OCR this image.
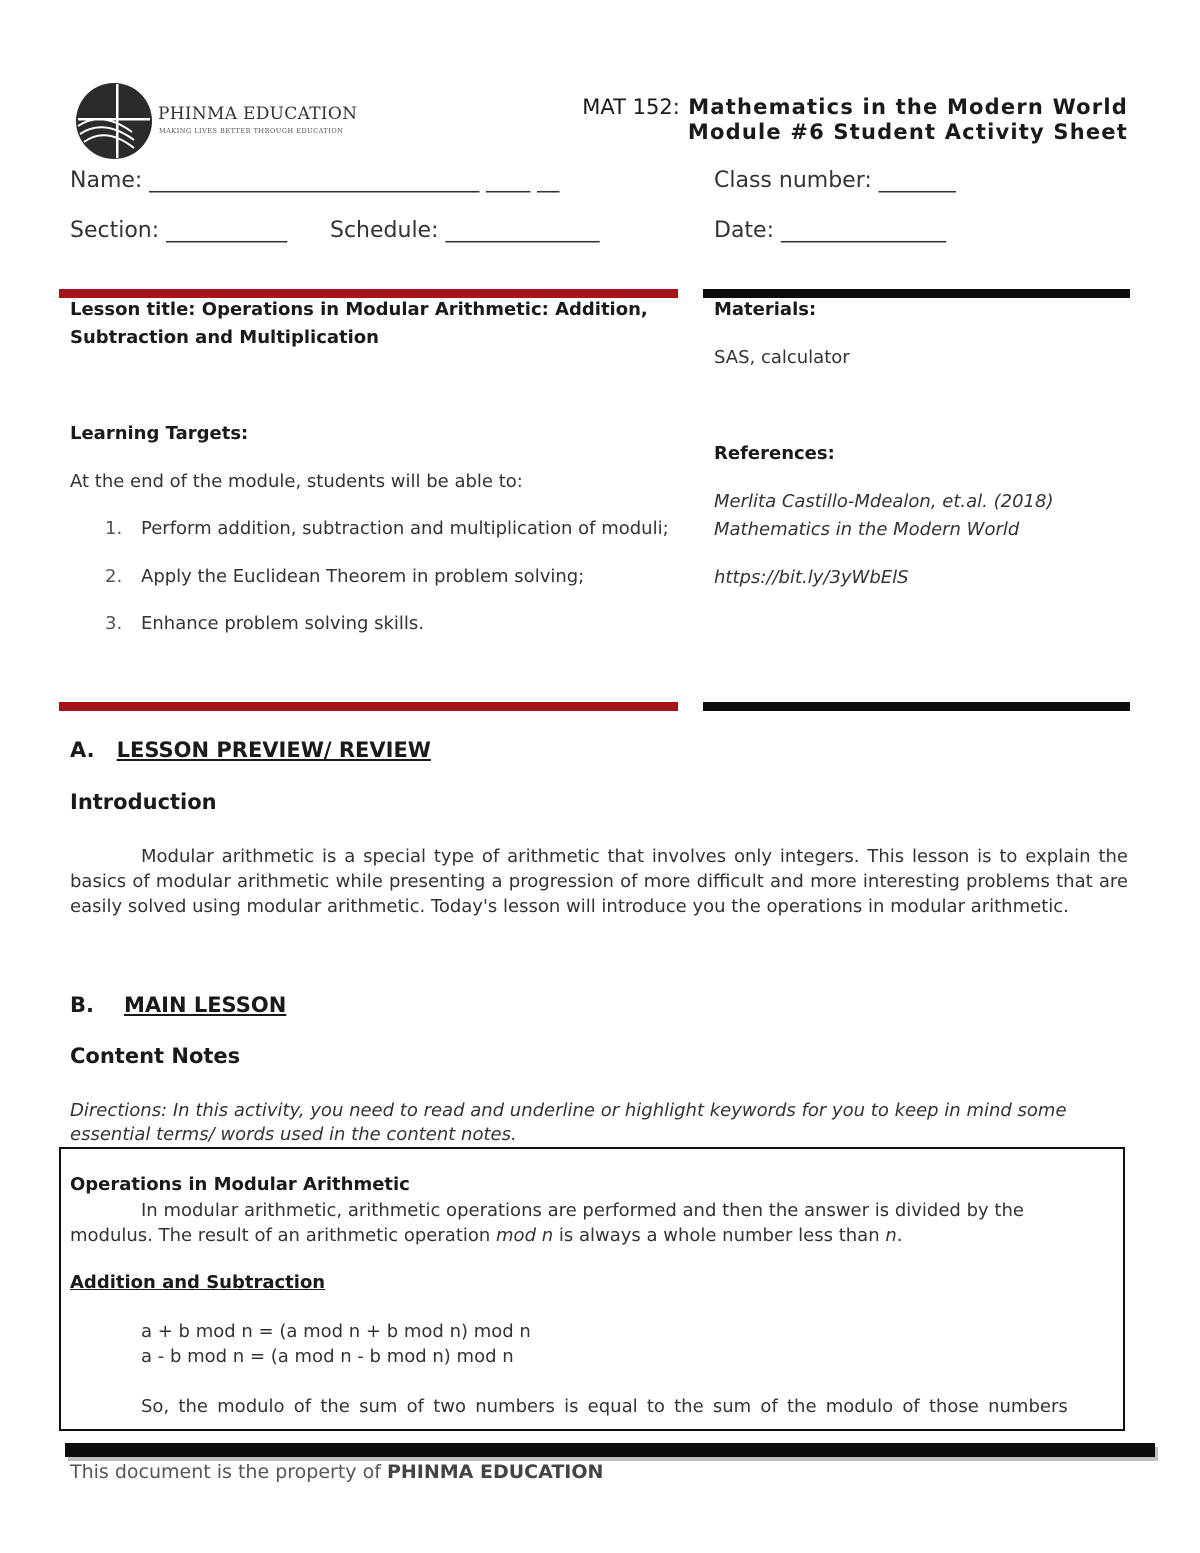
PHINMA EDUCATION
MAKING LIVES BETTER THROUGH EDUCATION
MAT 152: Mathematics in the Modern World
Module #6 Student Activity Sheet
Name: ______________________________ ____ __	Class number: _______
Section: ___________ Schedule: ______________	Date: _______________
Lesson title: Operations in Modular Arithmetic: Addition,
Subtraction and Multiplication
Learning Targets:
At the end of the module, students will be able to:
1. Perform addition, subtraction and multiplication of moduli;
2. Apply the Euclidean Theorem in problem solving;
3. Enhance problem solving skills.
Materials:
SAS, calculator
References:
Merlita Castillo-Mdealon, et.al. (2018)
Mathematics in the Modern World
https://bit.ly/3yWbElS
A. LESSON PREVIEW/ REVIEW
Introduction
Modular arithmetic is a special type of arithmetic that involves only integers. This lesson is to explain the basics of modular arithmetic while presenting a progression of more difficult and more interesting problems that are easily solved using modular arithmetic. Today's lesson will introduce you the operations in modular arithmetic.
B. MAIN LESSON
Content Notes
Directions: In this activity, you need to read and underline or highlight keywords for you to keep in mind some essential terms/ words used in the content notes.
Operations in Modular Arithmetic
In modular arithmetic, arithmetic operations are performed and then the answer is divided by the modulus. The result of an arithmetic operation mod n is always a whole number less than n.
Addition and Subtraction
a + b mod n = (a mod n + b mod n) mod n
a - b mod n = (a mod n - b mod n) mod n
So, the modulo of the sum of two numbers is equal to the sum of the modulo of those numbers
This document is the property of PHINMA EDUCATION
